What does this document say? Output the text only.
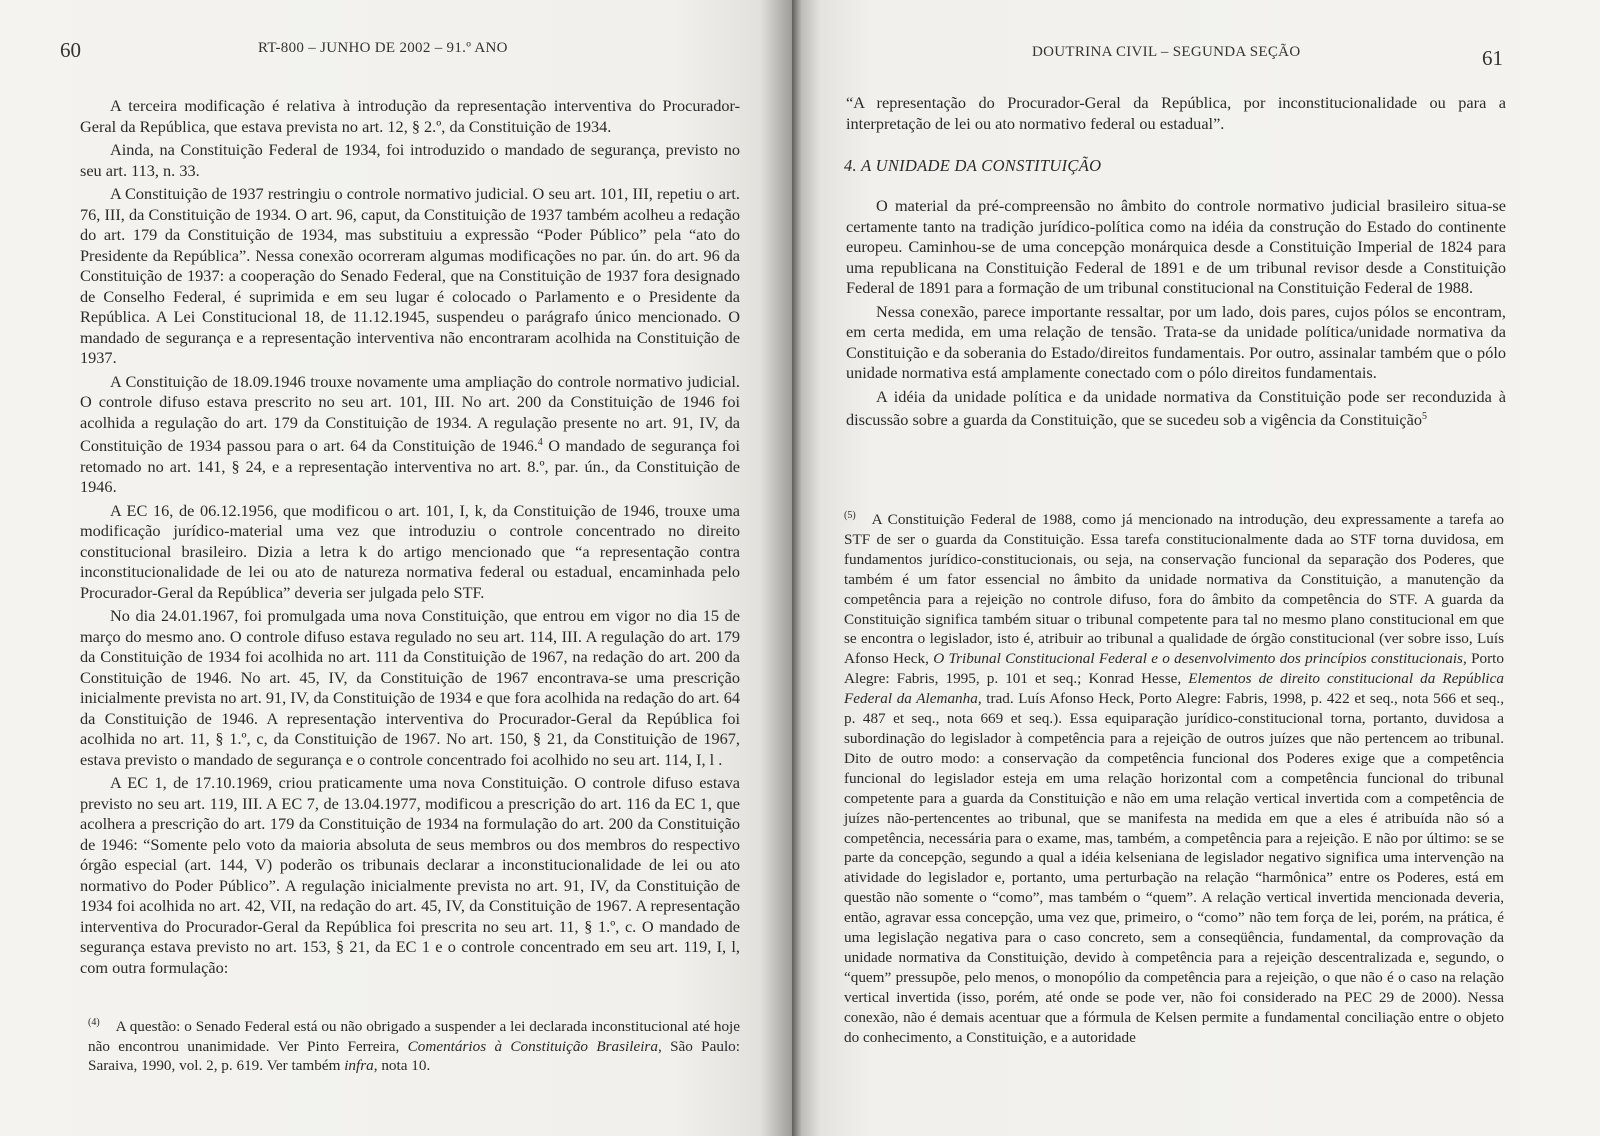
60	RT-800 – JUNHO DE 2002 – 91.º ANO

A terceira modificação é relativa à introdução da representação interventiva do Procurador-Geral da República, que estava prevista no art. 12, § 2.º, da Constituição de 1934.

Ainda, na Constituição Federal de 1934, foi introduzido o mandado de segurança, previsto no seu art. 113, n. 33.

A Constituição de 1937 restringiu o controle normativo judicial. O seu art. 101, III, repetiu o art. 76, III, da Constituição de 1934. O art. 96, caput, da Constituição de 1937 também acolheu a redação do art. 179 da Constituição de 1934, mas substituiu a expressão “Poder Público” pela “ato do Presidente da República”. Nessa conexão ocorreram algumas modificações no par. ún. do art. 96 da Constituição de 1937: a cooperação do Senado Federal, que na Constituição de 1937 fora designado de Conselho Federal, é suprimida e em seu lugar é colocado o Parlamento e o Presidente da República. A Lei Constitucional 18, de 11.12.1945, suspendeu o parágrafo único mencionado. O mandado de segurança e a representação interventiva não encontraram acolhida na Constituição de 1937.

A Constituição de 18.09.1946 trouxe novamente uma ampliação do controle normativo judicial. O controle difuso estava prescrito no seu art. 101, III. No art. 200 da Constituição de 1946 foi acolhida a regulação do art. 179 da Constituição de 1934. A regulação presente no art. 91, IV, da Constituição de 1934 passou para o art. 64 da Constituição de 1946.$^4$ O mandado de segurança foi retomado no art. 141, § 24, e a representação interventiva no art. 8.º, par. ún., da Constituição de 1946.

A EC 16, de 06.12.1956, que modificou o art. 101, I, k, da Constituição de 1946, trouxe uma modificação jurídico-material uma vez que introduziu o controle concentrado no direito constitucional brasileiro. Dizia a letra k do artigo mencionado que “a representação contra inconstitucionalidade de lei ou ato de natureza normativa federal ou estadual, encaminhada pelo Procurador-Geral da República” deveria ser julgada pelo STF.

No dia 24.01.1967, foi promulgada uma nova Constituição, que entrou em vigor no dia 15 de março do mesmo ano. O controle difuso estava regulado no seu art. 114, III. A regulação do art. 179 da Constituição de 1934 foi acolhida no art. 111 da Constituição de 1967, na redação do art. 200 da Constituição de 1946. No art. 45, IV, da Constituição de 1967 encontrava-se uma prescrição inicialmente prevista no art. 91, IV, da Constituição de 1934 e que fora acolhida na redação do art. 64 da Constituição de 1946. A representação interventiva do Procurador-Geral da República foi acolhida no art. 11, § 1.º, c, da Constituição de 1967. No art. 150, § 21, da Constituição de 1967, estava previsto o mandado de segurança e o controle concentrado foi acolhido no seu art. 114, I, l .

A EC 1, de 17.10.1969, criou praticamente uma nova Constituição. O controle difuso estava previsto no seu art. 119, III. A EC 7, de 13.04.1977, modificou a prescrição do art. 116 da EC 1, que acolhera a prescrição do art. 179 da Constituição de 1934 na formulação do art. 200 da Constituição de 1946: “Somente pelo voto da maioria absoluta de seus membros ou dos membros do respectivo órgão especial (art. 144, V) poderão os tribunais declarar a inconstitucionalidade de lei ou ato normativo do Poder Público”. A regulação inicialmente prevista no art. 91, IV, da Constituição de 1934 foi acolhida no art. 42, VII, na redação do art. 45, IV, da Constituição de 1967. A representação interventiva do Procurador-Geral da República foi prescrita no seu art. 11, § 1.º, c. O mandado de segurança estava previsto no art. 153, § 21, da EC 1 e o controle concentrado em seu art. 119, I, l, com outra formulação:

$^{(4)}$ A questão: o Senado Federal está ou não obrigado a suspender a lei declarada inconstitucional até hoje não encontrou unanimidade. Ver Pinto Ferreira, Comentários à Constituição Brasileira, São Paulo: Saraiva, 1990, vol. 2, p. 619. Ver também infra, nota 10.

DOUTRINA CIVIL – SEGUNDA SEÇÃO	61

“A representação do Procurador-Geral da República, por inconstitucionalidade ou para a interpretação de lei ou ato normativo federal ou estadual”.

4. A UNIDADE DA CONSTITUIÇÃO

O material da pré-compreensão no âmbito do controle normativo judicial brasileiro situa-se certamente tanto na tradição jurídico-política como na idéia da construção do Estado do continente europeu. Caminhou-se de uma concepção monárquica desde a Constituição Imperial de 1824 para uma republicana na Constituição Federal de 1891 e de um tribunal revisor desde a Constituição Federal de 1891 para a formação de um tribunal constitucional na Constituição Federal de 1988.

Nessa conexão, parece importante ressaltar, por um lado, dois pares, cujos pólos se encontram, em certa medida, em uma relação de tensão. Trata-se da unidade política/unidade normativa da Constituição e da soberania do Estado/direitos fundamentais. Por outro, assinalar também que o pólo unidade normativa está amplamente conectado com o pólo direitos fundamentais.

A idéia da unidade política e da unidade normativa da Constituição pode ser reconduzida à discussão sobre a guarda da Constituição, que se sucedeu sob a vigência da Constituição$^5$

$^{(5)}$ A Constituição Federal de 1988, como já mencionado na introdução, deu expressamente a tarefa ao STF de ser o guarda da Constituição. Essa tarefa constitucionalmente dada ao STF torna duvidosa, em fundamentos jurídico-constitucionais, ou seja, na conservação funcional da separação dos Poderes, que também é um fator essencial no âmbito da unidade normativa da Constituição, a manutenção da competência para a rejeição no controle difuso, fora do âmbito da competência do STF. A guarda da Constituição significa também situar o tribunal competente para tal no mesmo plano constitucional em que se encontra o legislador, isto é, atribuir ao tribunal a qualidade de órgão constitucional (ver sobre isso, Luís Afonso Heck, O Tribunal Constitucional Federal e o desenvolvimento dos princípios constitucionais, Porto Alegre: Fabris, 1995, p. 101 et seq.; Konrad Hesse, Elementos de direito constitucional da República Federal da Alemanha, trad. Luís Afonso Heck, Porto Alegre: Fabris, 1998, p. 422 et seq., nota 566 et seq., p. 487 et seq., nota 669 et seq.). Essa equiparação jurídico-constitucional torna, portanto, duvidosa a subordinação do legislador à competência para a rejeição de outros juízes que não pertencem ao tribunal. Dito de outro modo: a conservação da competência funcional dos Poderes exige que a competência funcional do legislador esteja em uma relação horizontal com a competência funcional do tribunal competente para a guarda da Constituição e não em uma relação vertical invertida com a competência de juízes não-pertencentes ao tribunal, que se manifesta na medida em que a eles é atribuída não só a competência, necessária para o exame, mas, também, a competência para a rejeição. E não por último: se se parte da concepção, segundo a qual a idéia kelseniana de legislador negativo significa uma intervenção na atividade do legislador e, portanto, uma perturbação na relação “harmônica” entre os Poderes, está em questão não somente o “como”, mas também o “quem”. A relação vertical invertida mencionada deveria, então, agravar essa concepção, uma vez que, primeiro, o “como” não tem força de lei, porém, na prática, é uma legislação negativa para o caso concreto, sem a conseqüência, fundamental, da comprovação da unidade normativa da Constituição, devido à competência para a rejeição descentralizada e, segundo, o “quem” pressupõe, pelo menos, o monopólio da competência para a rejeição, o que não é o caso na relação vertical invertida (isso, porém, até onde se pode ver, não foi considerado na PEC 29 de 2000). Nessa conexão, não é demais acentuar que a fórmula de Kelsen permite a fundamental conciliação entre o objeto do conhecimento, a Constituição, e a autoridade
